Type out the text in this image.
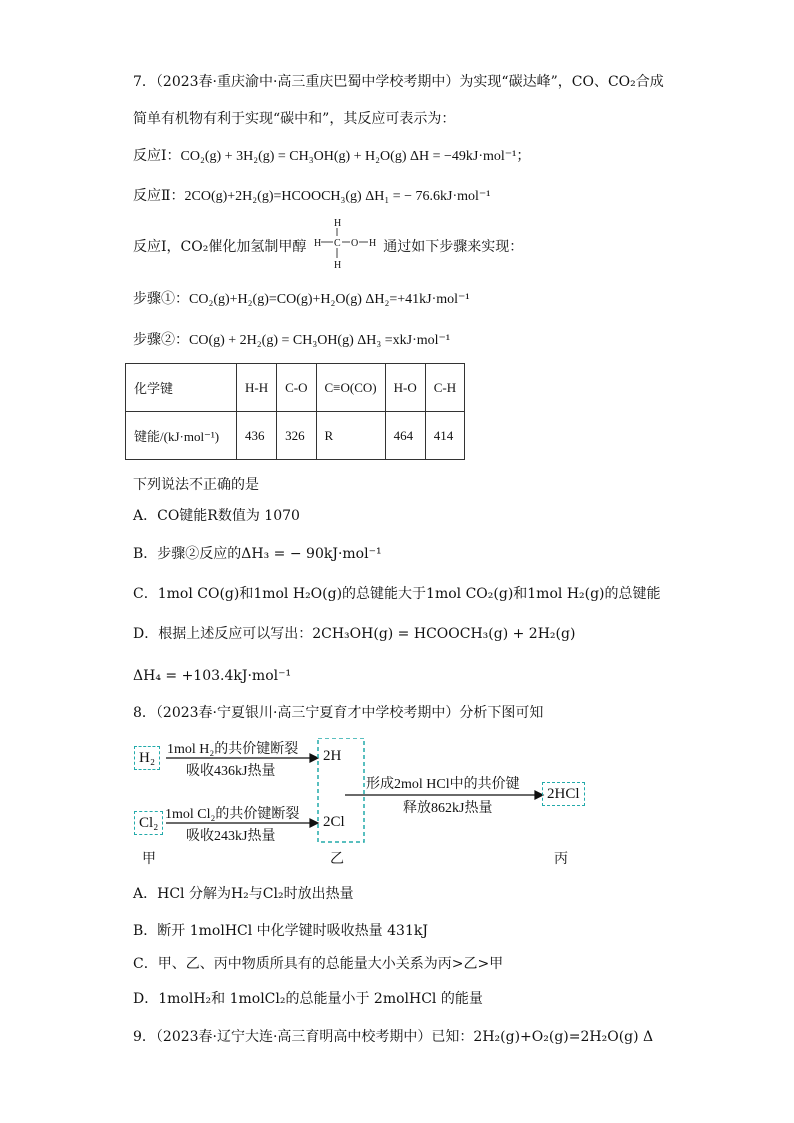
7．（2023春·重庆渝中·高三重庆巴蜀中学校考期中）为实现“碳达峰”，CO、CO₂合成
简单有机物有利于实现“碳中和”，其反应可表示为：
反应Ⅰ：CO₂(g) + 3H₂(g) = CH₃OH(g) + H₂O(g) ΔH = −49kJ·mol⁻¹；
反应Ⅱ：2CO(g)+2H₂(g)=HCOOCH₃(g) ΔH₁ = − 76.6kJ·mol⁻¹
反应Ⅰ，CO₂催化加氢制甲醇 H
H
H
C O H 通过如下步骤来实现：
步骤①：CO₂(g)+H₂(g)=CO(g)+H₂O(g) ΔH₂=+41kJ·mol⁻¹
步骤②：CO(g) + 2H₂(g) = CH₃OH(g) ΔH₃ =xkJ·mol⁻¹
化学键	H-H	C-O	C≡O(CO)	H-O	C-H
键能/(kJ·mol⁻¹)	436	326	R	464	414
下列说法不正确的是
A．CO键能R数值为 1070
B．步骤②反应的ΔH₃ = − 90kJ·mol⁻¹
C．1mol CO(g)和1mol H₂O(g)的总键能大于1mol CO₂(g)和1mol H₂(g)的总键能
D．根据上述反应可以写出：2CH₃OH(g) = HCOOCH₃(g) + 2H₂(g)
ΔH₄ = +103.4kJ·mol⁻¹
8．（2023春·宁夏银川·高三宁夏育才中学校考期中）分析下图可知
H₂
Cl₂
1mol H₂的共价键断裂
吸收436kJ热量
1mol Cl₂的共价键断裂
吸收243kJ热量
2H
2Cl
形成2mol HCl中的共价键
释放862kJ热量
2HCl
甲	乙	丙
A．HCl 分解为H₂与Cl₂时放出热量
B．断开 1molHCl 中化学键时吸收热量 431kJ
C．甲、乙、丙中物质所具有的总能量大小关系为丙>乙>甲
D．1molH₂和 1molCl₂的总能量小于 2molHCl 的能量
9．（2023春·辽宁大连·高三育明高中校考期中）已知：2H₂(g)+O₂(g)=2H₂O(g) Δ
